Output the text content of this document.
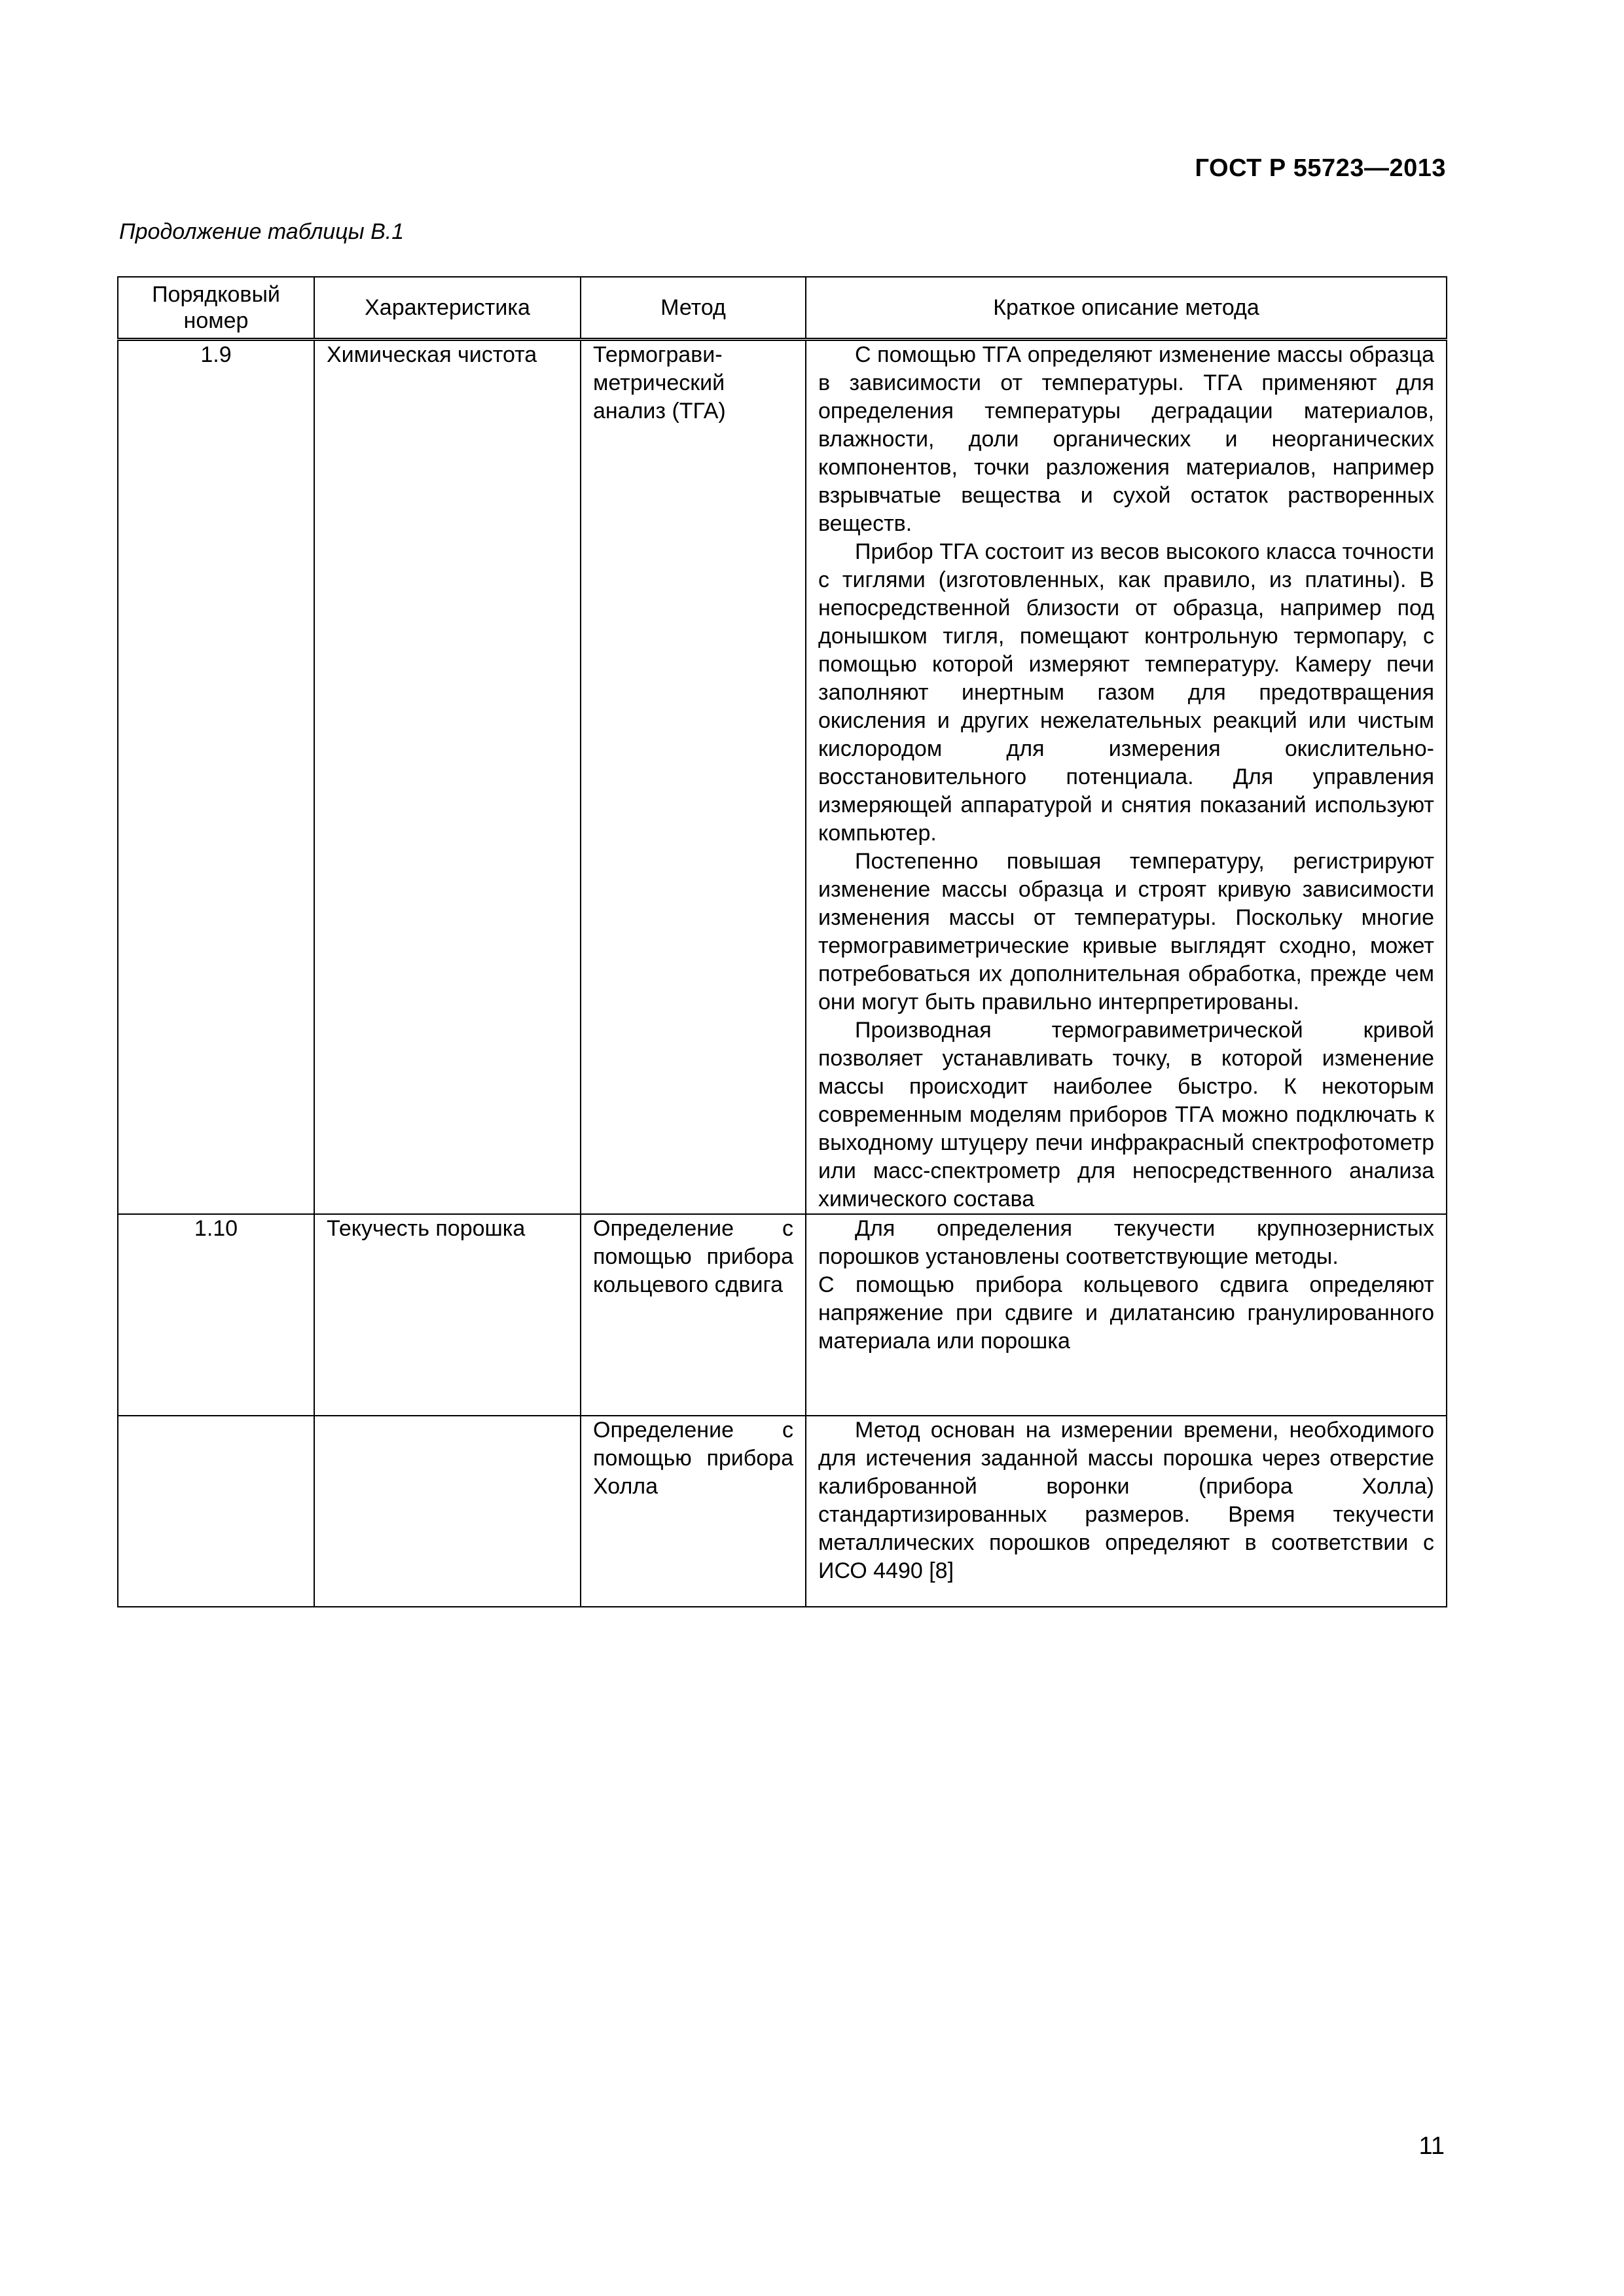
ГОСТ Р 55723—2013
Продолжение таблицы В.1
Порядковый номер	Характеристика	Метод	Краткое описание метода
1.9	Химическая чистота	Термогравиметрический анализ (ТГА)	С помощью ТГА определяют изменение массы образца в зависимости от температуры. ТГА применяют для определения температуры деградации материалов, влажности, доли органических и неорганических компонентов, точки разложения материалов, например взрывчатые вещества и сухой остаток растворенных веществ.

Прибор ТГА состоит из весов высокого класса точности с тиглями (изготовленных, как правило, из платины). В непосредственной близости от образца, например под донышком тигля, помещают контрольную термопару, с помощью которой измеряют температуру. Камеру печи заполняют инертным газом для предотвращения окисления и других нежелательных реакций или чистым кислородом для измерения окислительно-восстановительного потенциала. Для управления измеряющей аппаратурой и снятия показаний используют компьютер.

Постепенно повышая температуру, регистрируют изменение массы образца и строят кривую зависимости изменения массы от температуры. Поскольку многие термогравиметрические кривые выглядят сходно, может потребоваться их дополнительная обработка, прежде чем они могут быть правильно интерпретированы.

Производная термогравиметрической кривой позволяет устанавливать точку, в которой изменение массы происходит наиболее быстро. К некоторым современным моделям приборов ТГА можно подключать к выходному штуцеру печи инфракрасный спектрофотометр или масс-спектрометр для непосредственного анализа химического состава

1.10	Текучесть порошка	Определение с помощью прибора кольцевого сдвига	Для определения текучести крупнозернистых порошков установлены соответствующие методы.

С помощью прибора кольцевого сдвига определяют напряжение при сдвиге и дилатансию гранулированного материала или порошка

		Определение с помощью прибора Холла	Метод основан на измерении времени, необходимого для истечения заданной массы порошка через отверстие калиброванной воронки (прибора Холла) стандартизированных размеров. Время текучести металлических порошков определяют в соответствии с ИСО 4490 [8]

11
